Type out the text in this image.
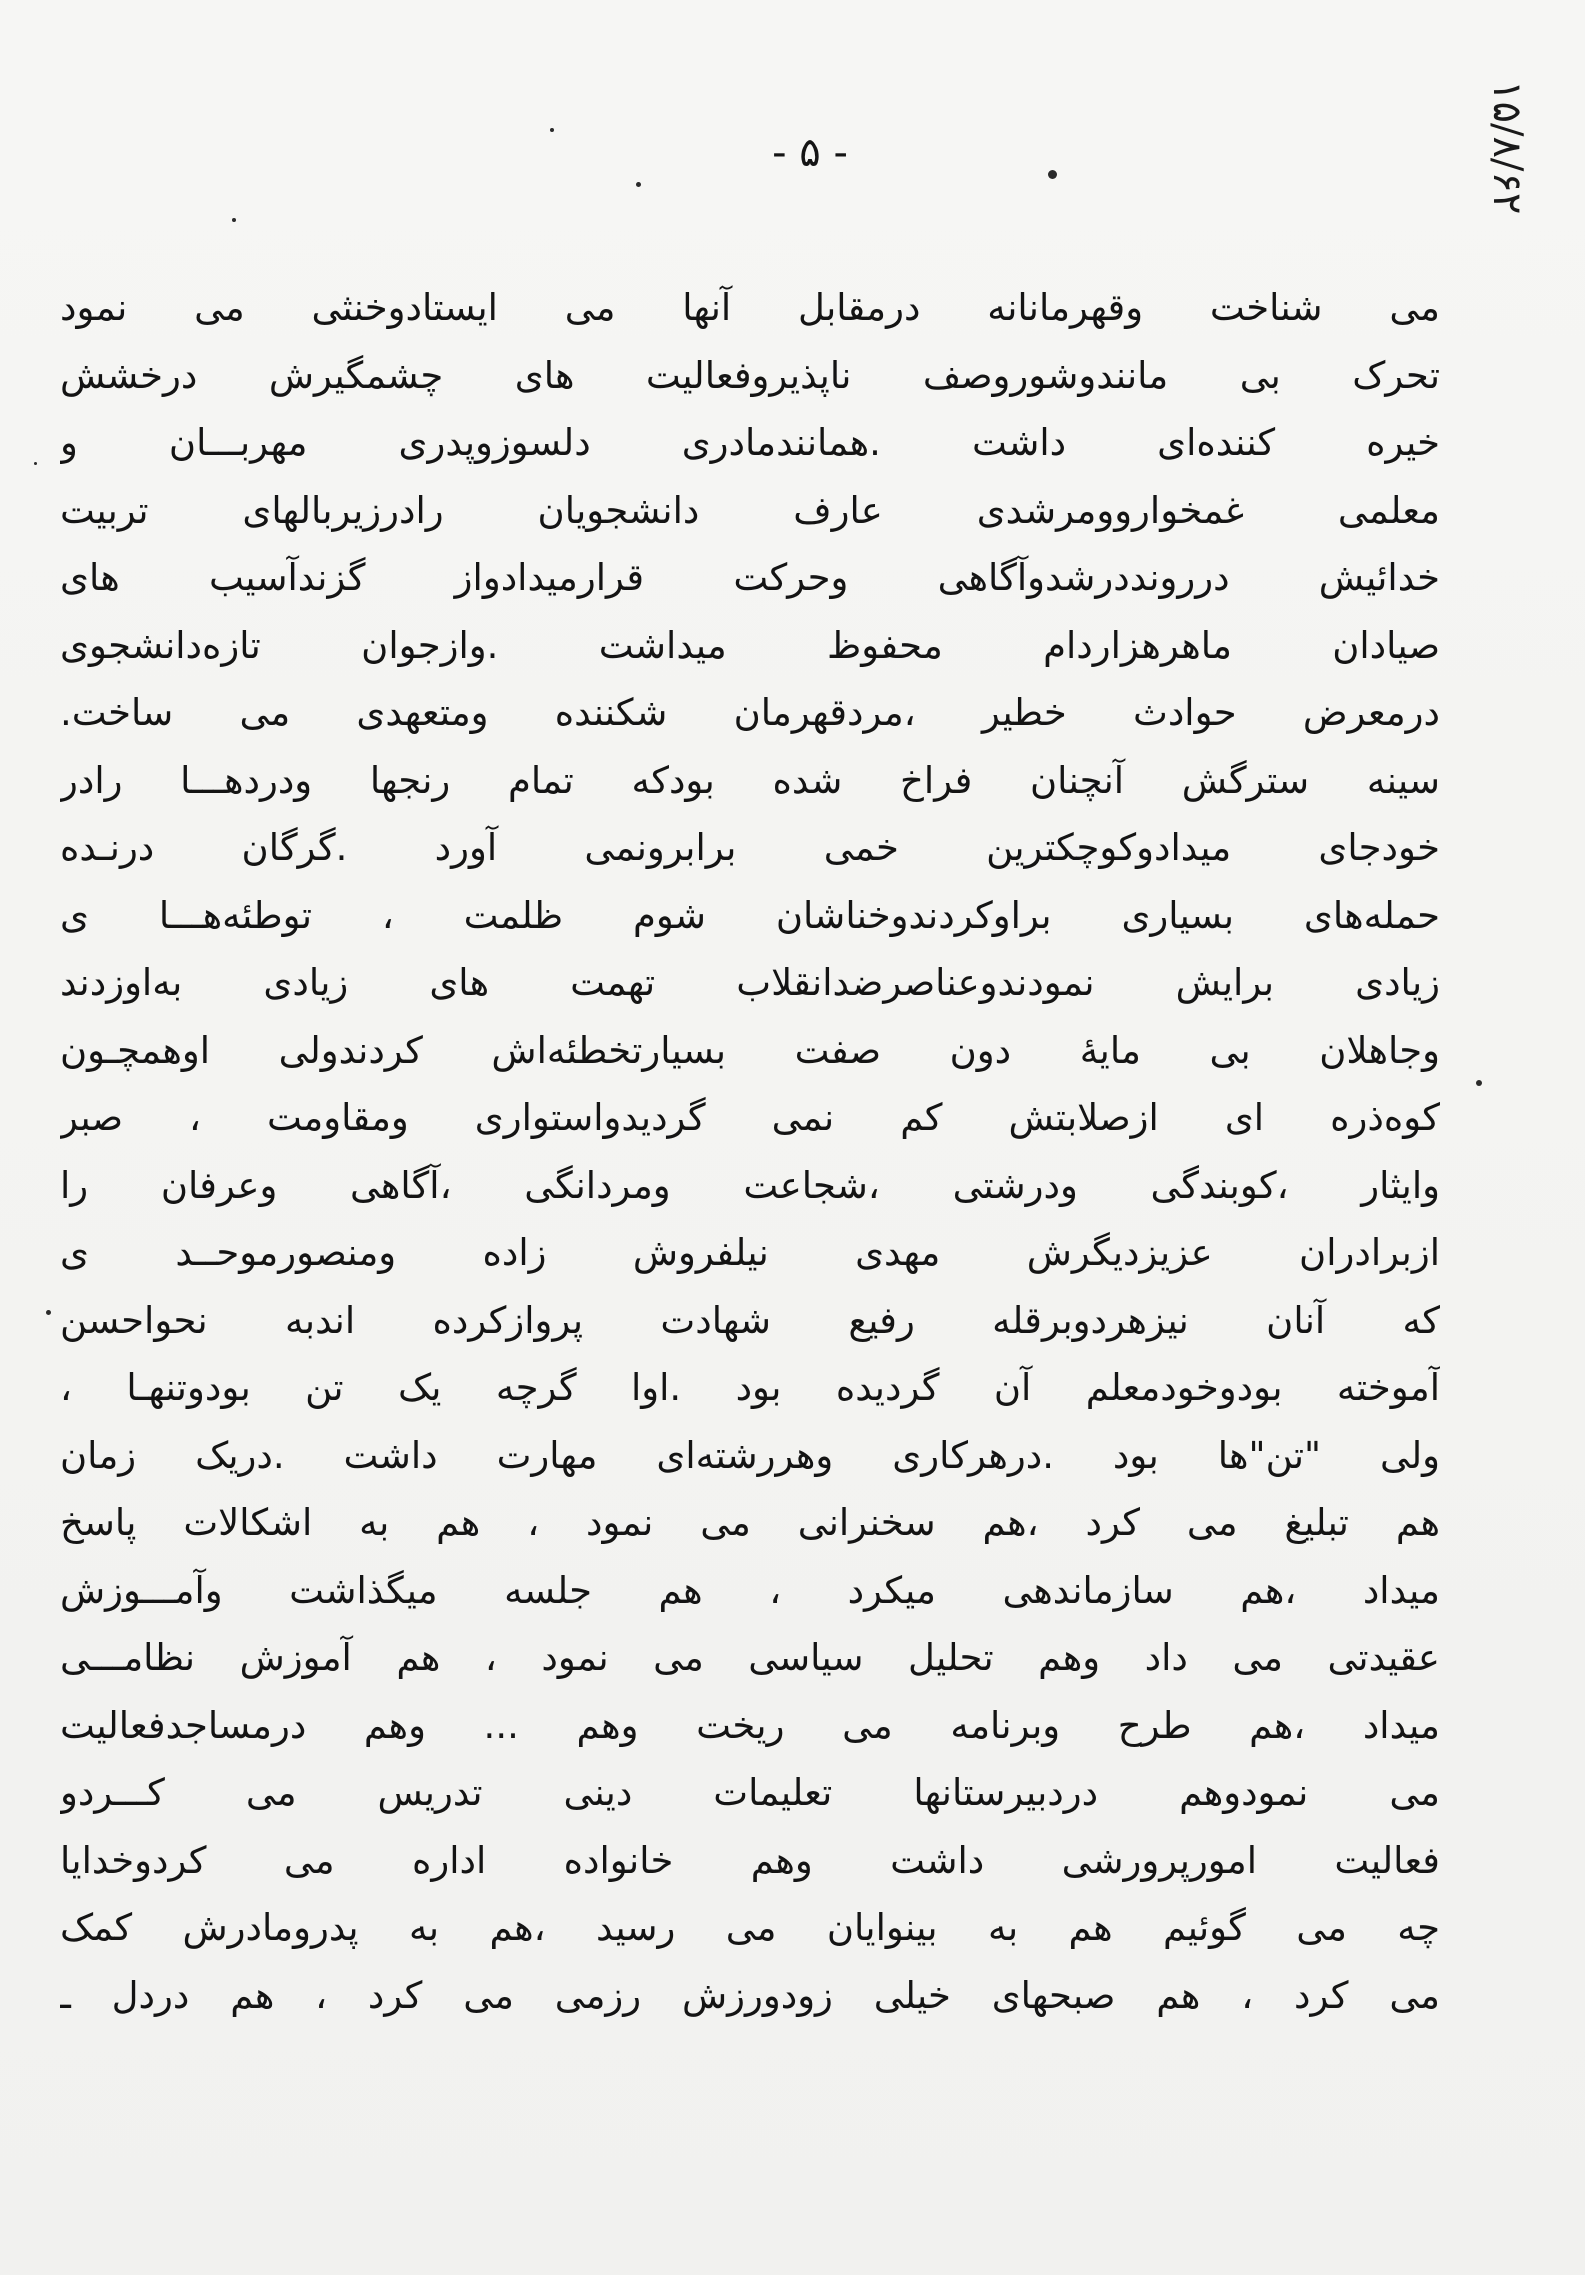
- ۵ -	۱۵/۸/۶۲
می شناخت وقهرمانانه درمقابل آنها می ایستادوخنثی می نمود
تحرک بی مانندوشوروصف ناپذیروفعالیت های چشمگیرش درخشش
خیره کننده‌ای داشت .همانندمادری دلسوزوپدری مهربـــان و
معلمی غمخواروومرشدی عارف دانشجویان رادرزیربالهای تربیت
خدائیش دررونددرشدوآگاهی وحرکت قرارمیدادواز گزندآسیب های
صیادان ماهرهزاردام محفوظ میداشت .وازجوان تازه‌دانشجوی
درمعرض حوادث خطیر ،مردقهرمان شکننده ومتعهدی می ساخت.
سینه سترگش آنچنان فراخ شده بودکه تمام رنجها ودردهـــا رادر
خودجای میدادوکوچکترین خمی برابرونمی آورد .گرگان درنـده
حمله‌های بسیاری براوکردندوخناشان شوم ظلمت ، توطئه‌هـــا ی
زیادی برایش نمودندوعناصرضدانقلاب تهمت های زیادی به‌اوزدند
وجاهلان بی مایهٔ دون صفت بسیارتخطئه‌اش کردندولی اوهمچـون
کوه‌ذره ای ازصلابتش کم نمی گردیدواستواری ومقاومت ، صبر
وایثار ،کوبندگی ودرشتی ،شجاعت ومردانگی ،آگاهی وعرفان را
ازبرادران عزیزدیگرش مهدی نیلفروش زاده ومنصورموحــد ی
که آنان نیزهردوبرقله رفیع شهادت پروازکرده اندبه نحواحسن
آموخته بودوخودمعلم آن گردیده بود .اوا گرچه یک تن بودوتنهـا ،
ولی "تن"ها بود .درهرکاری وهررشته‌ای مهارت داشت .دریک زمان
هم تبلیغ می کرد ،هم سخنرانی می نمود ، هم به اشکالات پاسخ
میداد ،هم سازماندهی میکرد ، هم جلسه میگذاشت وآمـــوزش
عقیدتی می داد وهم تحلیل سیاسی می نمود ، هم آموزش نظامـــی
میداد ،هم طرح وبرنامه می ریخت وهم ... وهم درمساجدفعالیت
می نمودوهم دردبیرستانها تعلیمات دینی تدریس می کـــردو
فعالیت امورپرورشی داشت وهم خانواده اداره می کردوخدایا
چه می گوئیم هم به بینوایان می رسید ،هم به پدرومادرش کمک
می کرد ، هم صبحهای خیلی زودورزش رزمی می کرد ، هم دردل ـ
